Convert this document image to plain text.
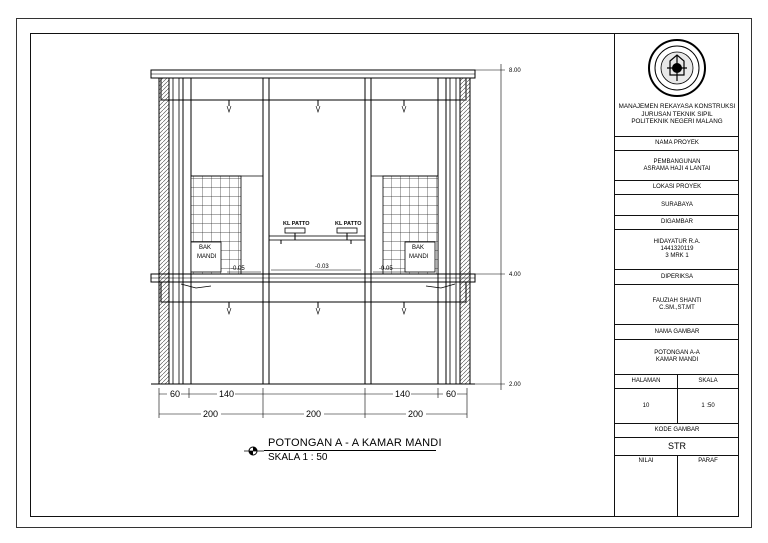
KL PATTO	KL PATTO
BAK
MANDI
BAK
MANDI
-0.05	-0.03	-0.05
8.00
4.00
2.00
60	140	140	60
200	200	200
POTONGAN A - A KAMAR MANDI
SKALA 1 : 50
MANAJEMEN REKAYASA KONSTRUKSI
JURUSAN TEKNIK SIPIL
POLITEKNIK NEGERI MALANG
NAMA PROYEK
PEMBANGUNAN
ASRAMA HAJI 4 LANTAI
LOKASI PROYEK
SURABAYA
DIGAMBAR
HIDAYATUR R.A.
1441320119
3 MRK 1
DIPERIKSA
FAUZIAH SHANTI
C.SM.,ST.MT
NAMA GAMBAR
POTONGAN A-A
KAMAR MANDI
HALAMAN	SKALA
10	1 :50
KODE GAMBAR
STR
NILAI	PARAF
